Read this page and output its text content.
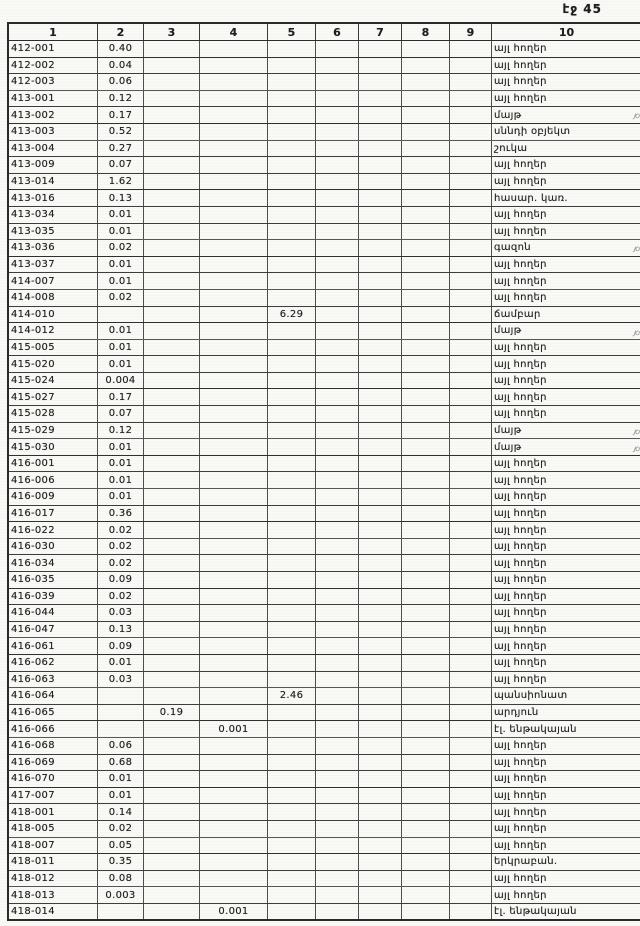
էջ 45
1	2	3	4	5	6	7	8	9	10
412-001	0.40								այլ հողեր
412-002	0.04								այլ հողեր
412-003	0.06								այլ հողեր
413-001	0.12								այլ հողեր
413-002	0.17								մայթ
413-003	0.52								սննդի օբյեկտ
413-004	0.27								շուկա
413-009	0.07								այլ հողեր
413-014	1.62								այլ հողեր
413-016	0.13								հասար. կառ.
413-034	0.01								այլ հողեր
413-035	0.01								այլ հողեր
413-036	0.02								գազոն
413-037	0.01								այլ հողեր
414-007	0.01								այլ հողեր
414-008	0.02								այլ հողեր
414-010				6.29					ճամբար
414-012	0.01								մայթ
415-005	0.01								այլ հողեր
415-020	0.01								այլ հողեր
415-024	0.004								այլ հողեր
415-027	0.17								այլ հողեր
415-028	0.07								այլ հողեր
415-029	0.12								մայթ
415-030	0.01								մայթ
416-001	0.01								այլ հողեր
416-006	0.01								այլ հողեր
416-009	0.01								այլ հողեր
416-017	0.36								այլ հողեր
416-022	0.02								այլ հողեր
416-030	0.02								այլ հողեր
416-034	0.02								այլ հողեր
416-035	0.09								այլ հողեր
416-039	0.02								այլ հողեր
416-044	0.03								այլ հողեր
416-047	0.13								այլ հողեր
416-061	0.09								այլ հողեր
416-062	0.01								այլ հողեր
416-063	0.03								այլ հողեր
416-064				2.46					պանսիոնատ
416-065		0.19							արդյուն
416-066			0.001						էլ. ենթակայան
416-068	0.06								այլ հողեր
416-069	0.68								այլ հողեր
416-070	0.01								այլ հողեր
417-007	0.01								այլ հողեր
418-001	0.14								այլ հողեր
418-005	0.02								այլ հողեր
418-007	0.05								այլ հողեր
418-011	0.35								երկրաբան.
418-012	0.08								այլ հողեր
418-013	0.003								այլ հողեր
418-014			0.001						էլ. ենթակայան
յօ
յօ
յօ
յօ
յօ
